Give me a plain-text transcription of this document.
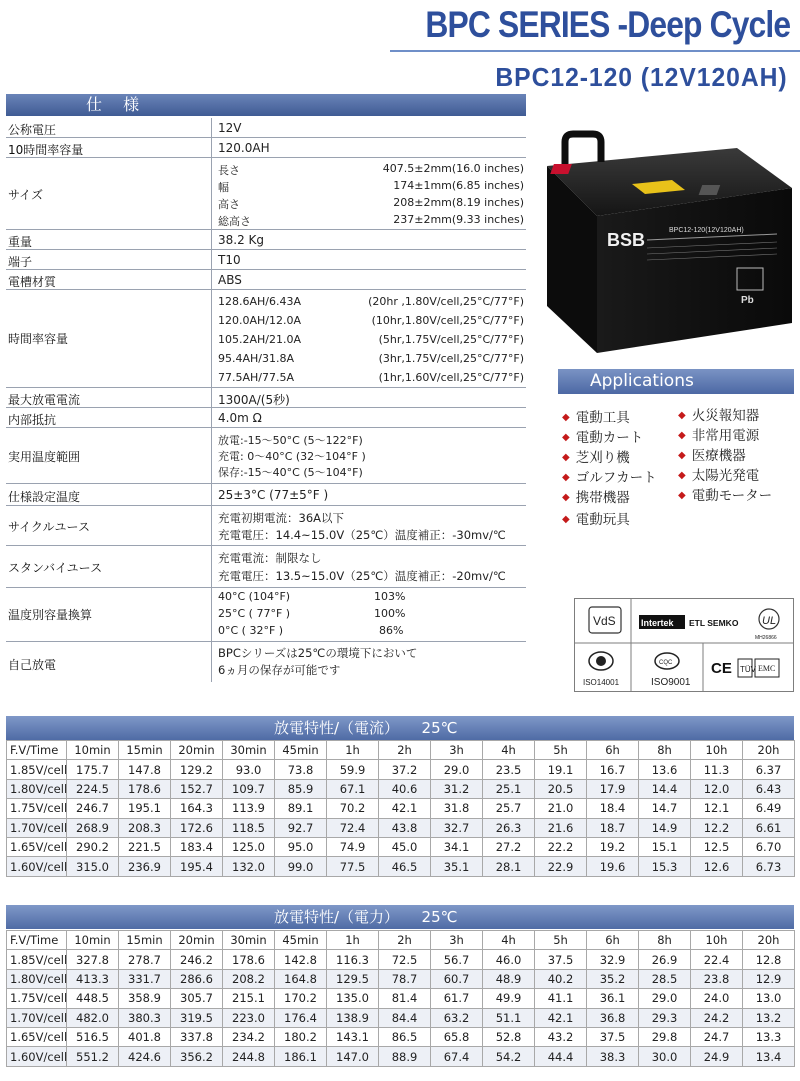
BPC SERIES -Deep Cycle
BPC12-120 (12V120AH)
仕 様
公称電圧	12V
10時間率容量	120.0AH
サイズ
長さ	407.5±2mm(16.0 inches)
幅	174±1mm(6.85 inches)
高さ	208±2mm(8.19 inches)
総高さ	237±2mm(9.33 inches)
重量	38.2 Kg
端子	T10
電槽材質	ABS
時間率容量
128.6AH/6.43A	(20hr ,1.80V/cell,25°C/77°F)
120.0AH/12.0A	(10hr,1.80V/cell,25°C/77°F)
105.2AH/21.0A	(5hr,1.75V/cell,25°C/77°F)
95.4AH/31.8A	(3hr,1.75V/cell,25°C/77°F)
77.5AH/77.5A	(1hr,1.60V/cell,25°C/77°F)
最大放電電流	1300A/(5秒)
内部抵抗	4.0m Ω
実用温度範囲
放電:-15～50°C (5～122°F)
充電: 0～40°C (32～104°F )
保存:-15～40°C (5～104°F)
仕様設定温度	25±3°C (77±5°F )
サイクルユース
充電初期電流：36A以下
充電電圧：14.4~15.0V（25℃）温度補正：-30mv/℃
スタンバイユース
充電電流：制限なし
充電電圧：13.5~15.0V（25℃）温度補正：-20mv/℃
温度別容量換算
40°C (104°F)	103%
25°C ( 77°F )	100%
0°C ( 32°F )	86%
自己放電
BPCシリーズは25℃の環境下において
6ヵ月の保存が可能です
BSB	BPC12-120(12V120AH)
Pb
Applications
◆ 電動工具
◆ 電動カート
◆ 芝刈り機
◆ ゴルフカート
◆ 携帯機器
◆ 電動玩具
◆ 火災報知器
◆ 非常用電源
◆ 医療機器
◆ 太陽光発電
◆ 電動モーター
VdS	Intertek ETL SEMKO UL
MH26866
ISO14001
CQC
ISO9001
CE TÜV EMC
放電特性/（電流）　　25℃
F.V/Time	10min	15min	20min	30min	45min	1h	2h	3h	4h	5h	6h	8h	10h	20h
1.85V/cell	175.7	147.8	129.2	93.0	73.8	59.9	37.2	29.0	23.5	19.1	16.7	13.6	11.3	6.37
1.80V/cell	224.5	178.6	152.7	109.7	85.9	67.1	40.6	31.2	25.1	20.5	17.9	14.4	12.0	6.43
1.75V/cell	246.7	195.1	164.3	113.9	89.1	70.2	42.1	31.8	25.7	21.0	18.4	14.7	12.1	6.49
1.70V/cell	268.9	208.3	172.6	118.5	92.7	72.4	43.8	32.7	26.3	21.6	18.7	14.9	12.2	6.61
1.65V/cell	290.2	221.5	183.4	125.0	95.0	74.9	45.0	34.1	27.2	22.2	19.2	15.1	12.5	6.70
1.60V/cell	315.0	236.9	195.4	132.0	99.0	77.5	46.5	35.1	28.1	22.9	19.6	15.3	12.6	6.73
放電特性/（電力）　　25℃
F.V/Time	10min	15min	20min	30min	45min	1h	2h	3h	4h	5h	6h	8h	10h	20h
1.85V/cell	327.8	278.7	246.2	178.6	142.8	116.3	72.5	56.7	46.0	37.5	32.9	26.9	22.4	12.8
1.80V/cell	413.3	331.7	286.6	208.2	164.8	129.5	78.7	60.7	48.9	40.2	35.2	28.5	23.8	12.9
1.75V/cell	448.5	358.9	305.7	215.1	170.2	135.0	81.4	61.7	49.9	41.1	36.1	29.0	24.0	13.0
1.70V/cell	482.0	380.3	319.5	223.0	176.4	138.9	84.4	63.2	51.1	42.1	36.8	29.3	24.2	13.2
1.65V/cell	516.5	401.8	337.8	234.2	180.2	143.1	86.5	65.8	52.8	43.2	37.5	29.8	24.7	13.3
1.60V/cell	551.2	424.6	356.2	244.8	186.1	147.0	88.9	67.4	54.2	44.4	38.3	30.0	24.9	13.4
